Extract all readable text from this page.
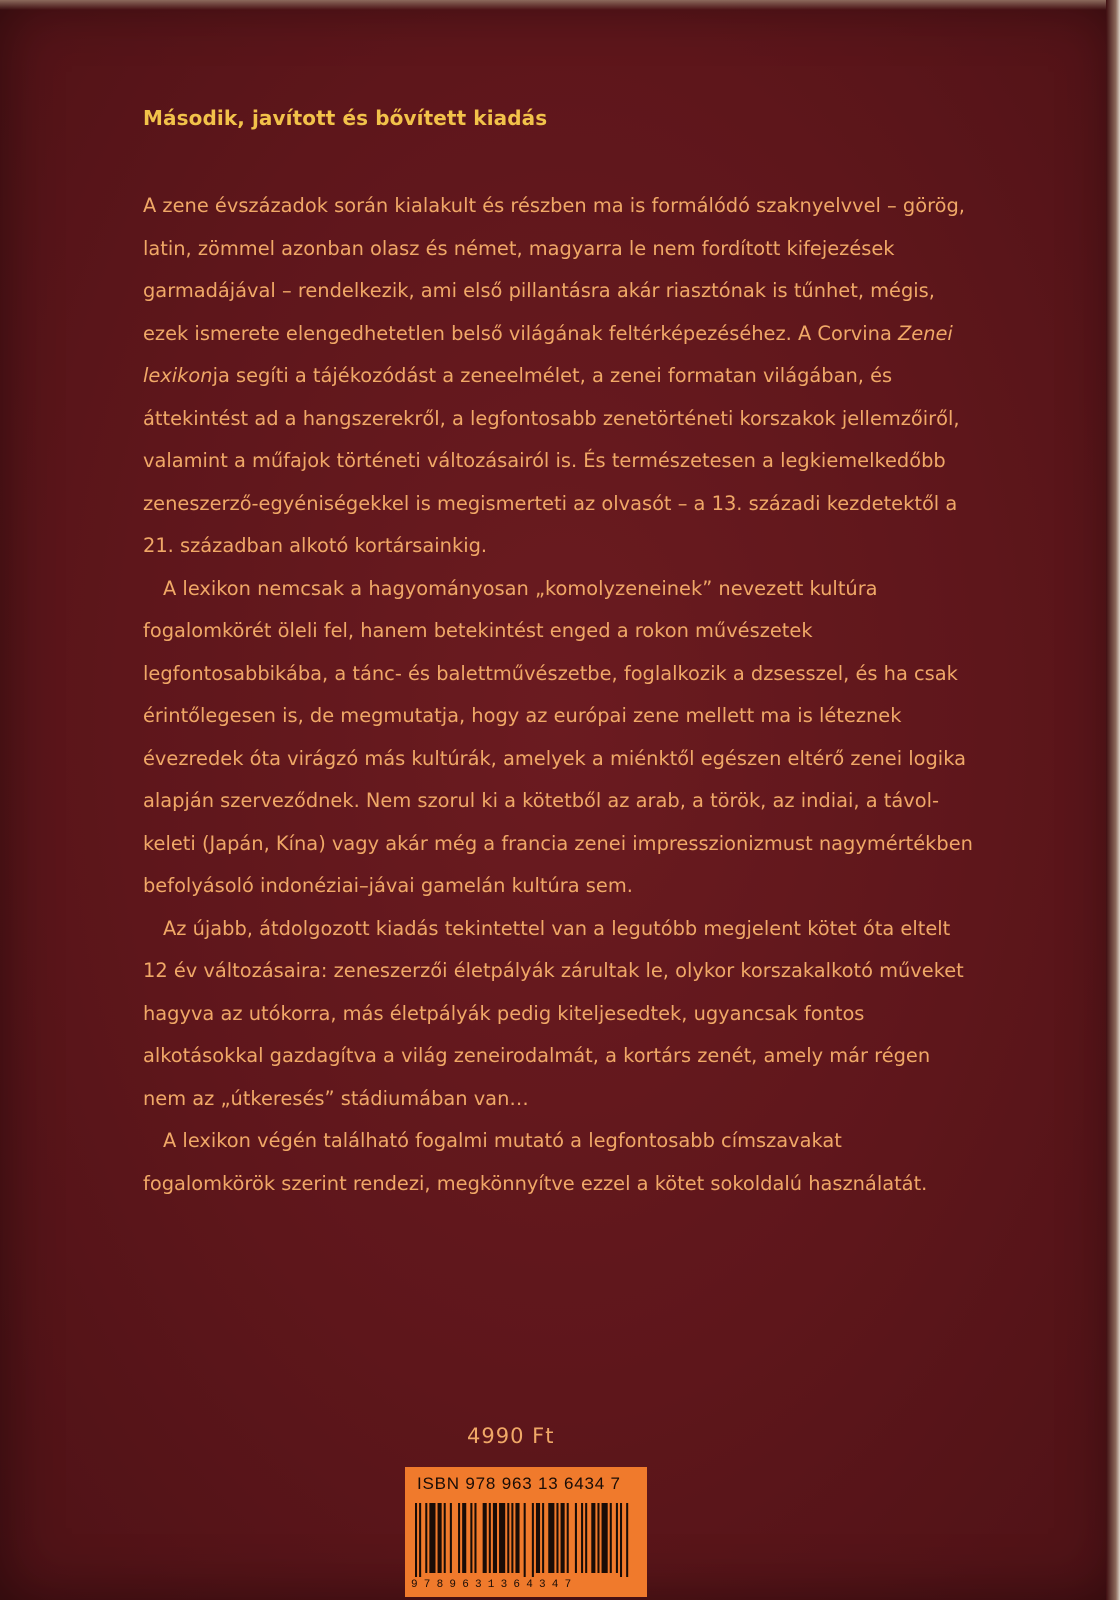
Második, javított és bővített kiadás

A zene évszázadok során kialakult és részben ma is formálódó szaknyelvvel – görög, latin, zömmel azonban olasz és német, magyarra le nem fordított kifejezések garmadájával – rendelkezik, ami első pillantásra akár riasztónak is tűnhet, mégis, ezek ismerete elengedhetetlen belső világának feltérképezéséhez. A Corvina Zenei lexikonja segíti a tájékozódást a zeneelmélet, a zenei formatan világában, és áttekintést ad a hangszerekről, a legfontosabb zenetörténeti korszakok jellemzőiről, valamint a műfajok történeti változásairól is. És természetesen a legkiemelkedőbb zeneszerző-egyéniségekkel is megismerteti az olvasót – a 13. századi kezdetektől a 21. században alkotó kortársainkig.

A lexikon nemcsak a hagyományosan „komolyzeneinek” nevezett kultúra fogalomkörét öleli fel, hanem betekintést enged a rokon művészetek legfontosabbikába, a tánc- és balettművészetbe, foglalkozik a dzsesszel, és ha csak érintőlegesen is, de megmutatja, hogy az európai zene mellett ma is léteznek évezredek óta virágzó más kultúrák, amelyek a miénktől egészen eltérő zenei logika alapján szerveződnek. Nem szorul ki a kötetből az arab, a török, az indiai, a távol-keleti (Japán, Kína) vagy akár még a francia zenei impresszionizmust nagymértékben befolyásoló indonéziai–jávai gamelán kultúra sem.

Az újabb, átdolgozott kiadás tekintettel van a legutóbb megjelent kötet óta eltelt 12 év változásaira: zeneszerzői életpályák zárultak le, olykor korszakalkotó műveket hagyva az utókorra, más életpályák pedig kiteljesedtek, ugyancsak fontos alkotásokkal gazdagítva a világ zeneirodalmát, a kortárs zenét, amely már régen nem az „útkeresés” stádiumában van…

A lexikon végén található fogalmi mutató a legfontosabb címszavakat fogalomkörök szerint rendezi, megkönnyítve ezzel a kötet sokoldalú használatát.

4990 Ft
ISBN 978 963 13 6434 7
9789631364347
